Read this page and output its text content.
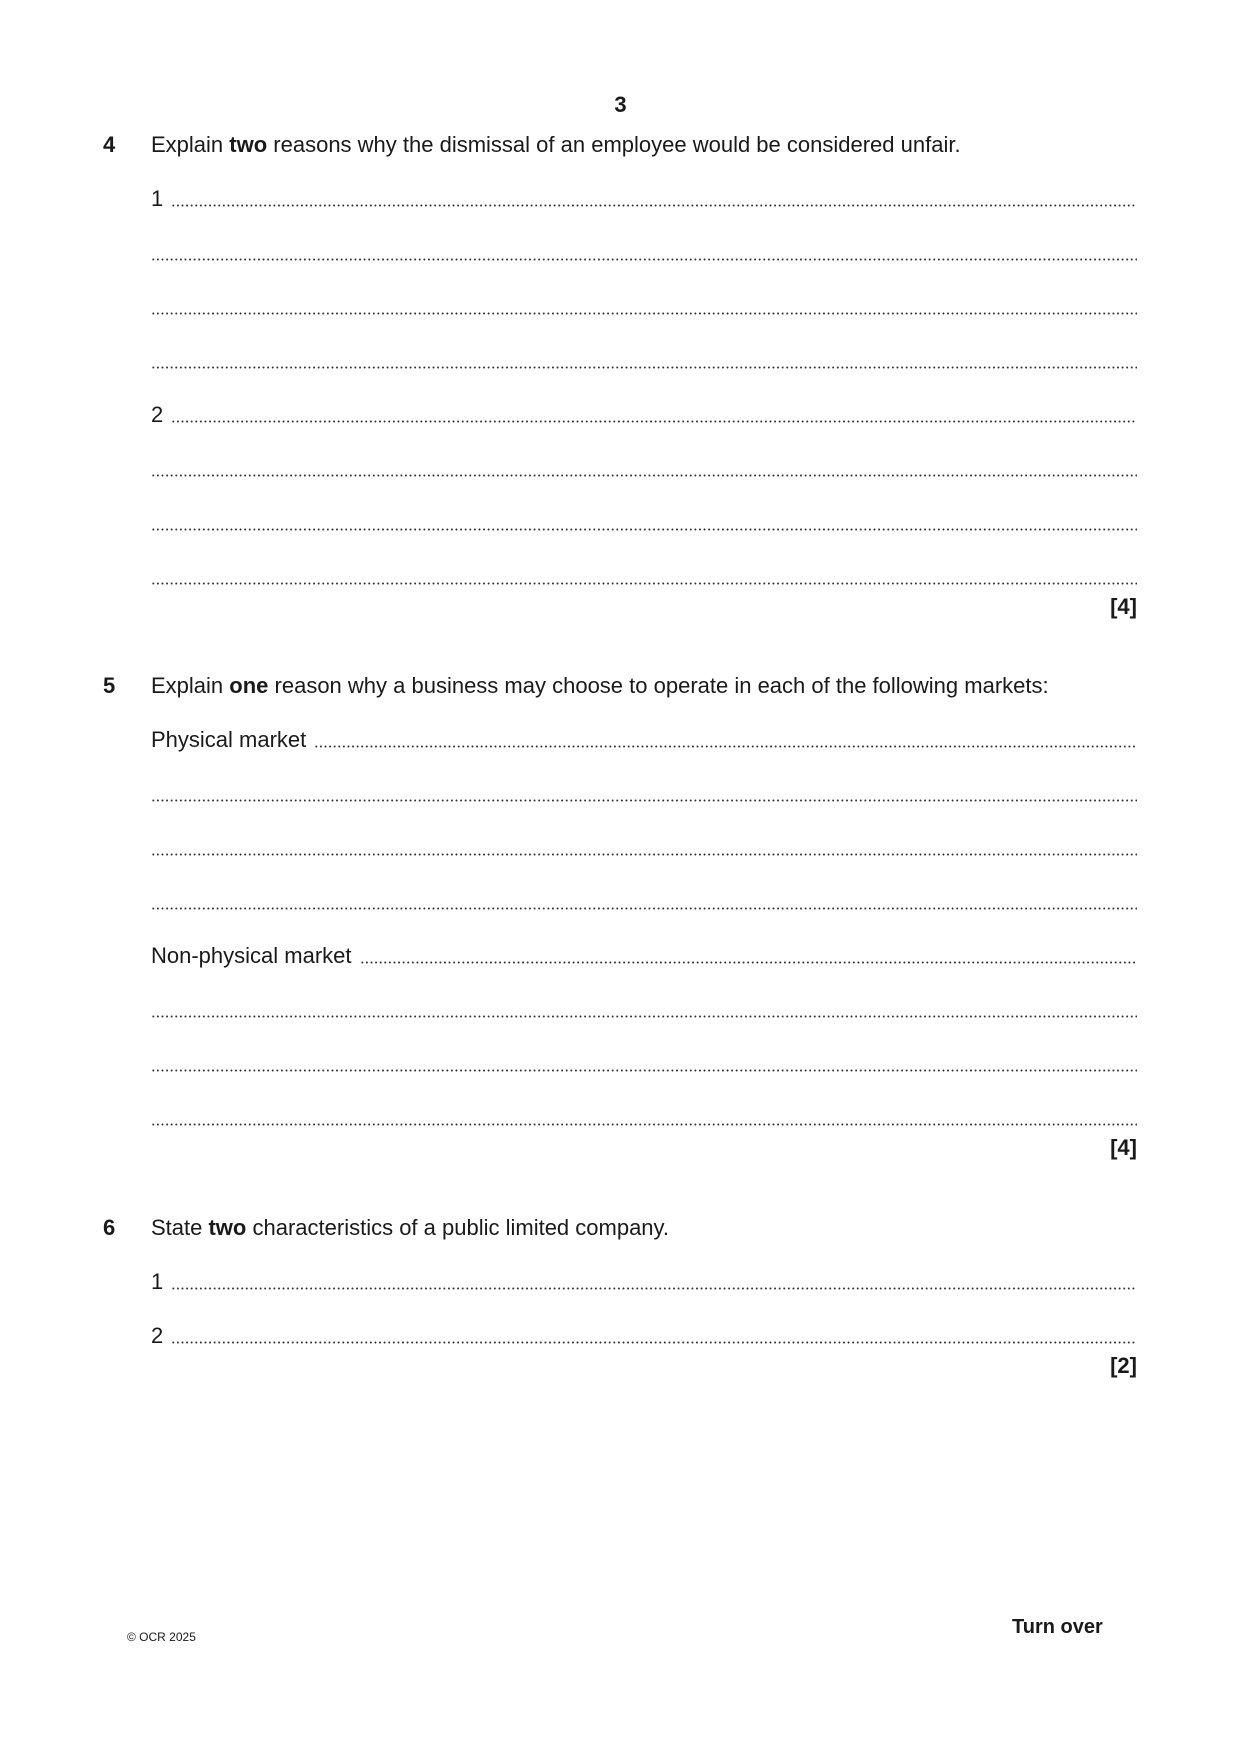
3
4 Explain two reasons why the dismissal of an employee would be considered unfair.
1
2
[4]
5 Explain one reason why a business may choose to operate in each of the following markets:
Physical market
Non-physical market
[4]
6 State two characteristics of a public limited company.
1
2
[2]
© OCR 2025	Turn over
